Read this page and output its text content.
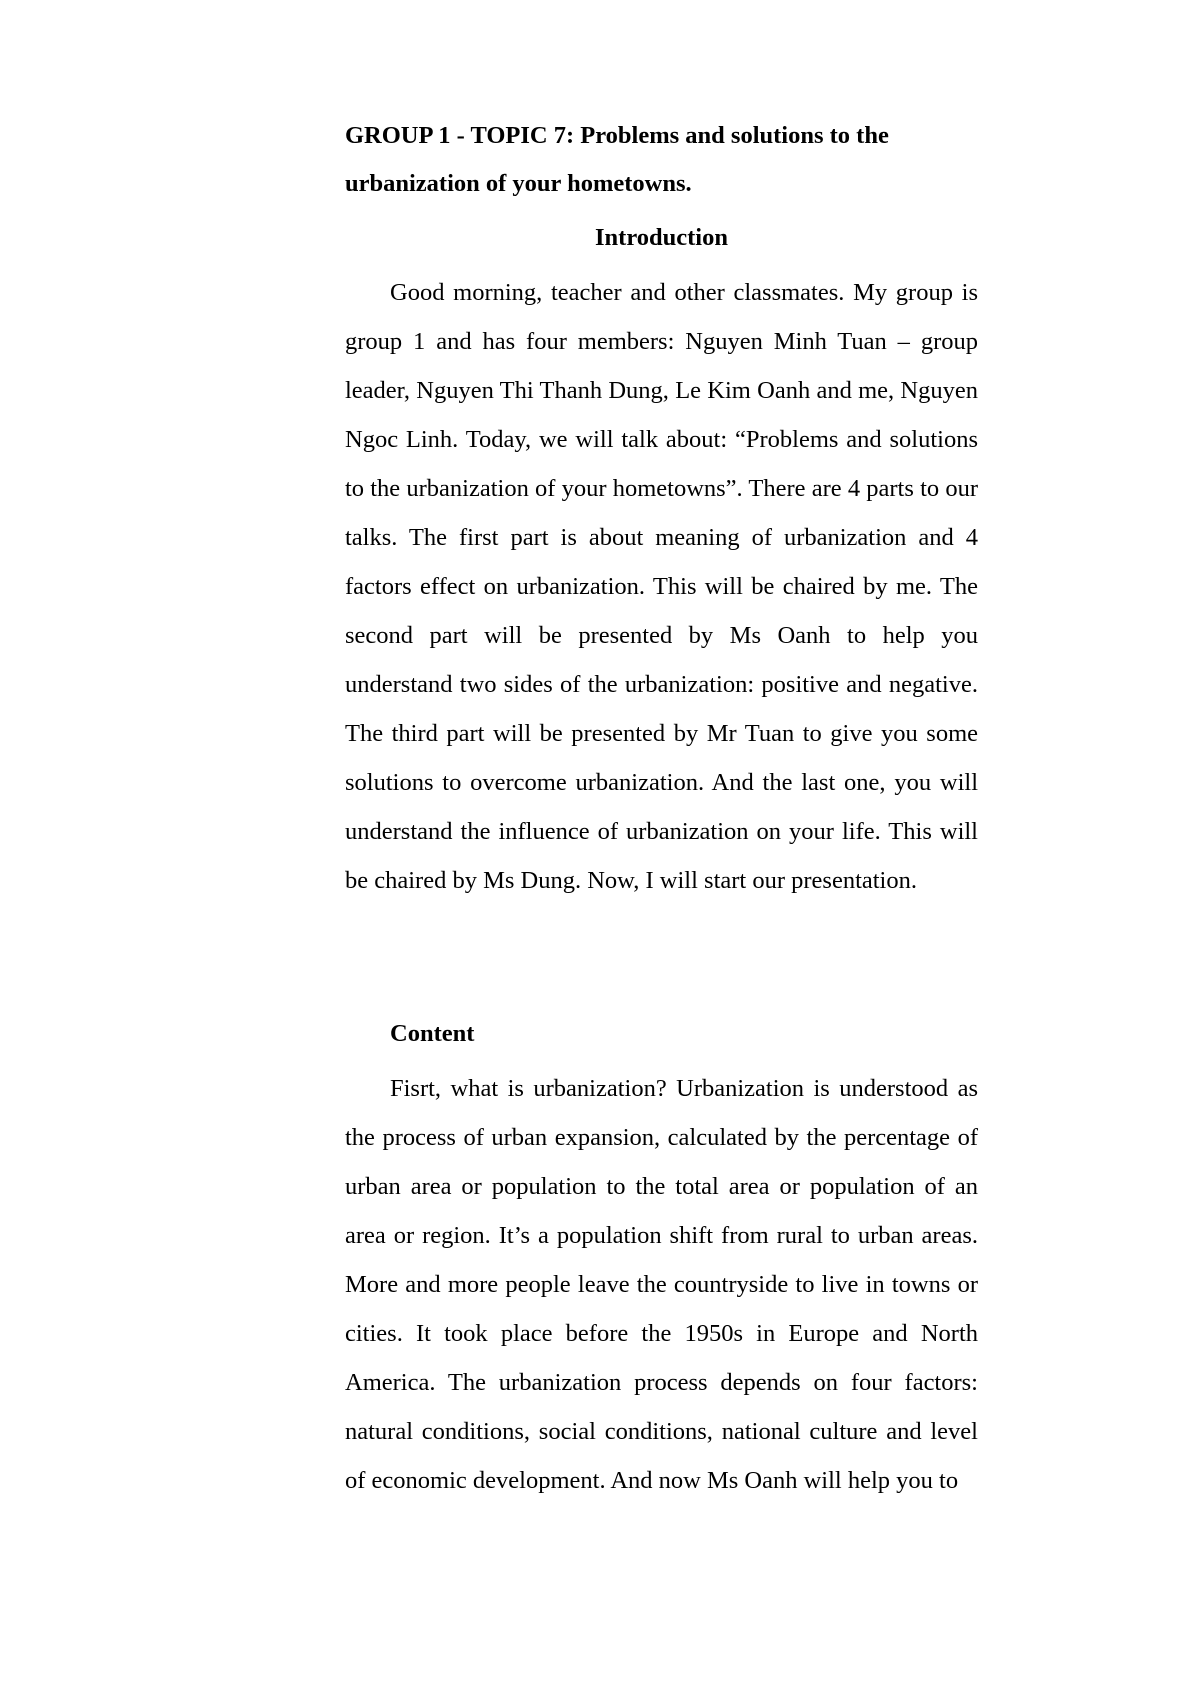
GROUP 1 - TOPIC 7: Problems and solutions to the urbanization of your hometowns.
Introduction
Good morning, teacher and other classmates. My group is group 1 and has four members: Nguyen Minh Tuan – group leader, Nguyen Thi Thanh Dung, Le Kim Oanh and me, Nguyen Ngoc Linh. Today, we will talk about: “Problems and solutions to the urbanization of your hometowns”. There are 4 parts to our talks. The first part is about meaning of urbanization and 4 factors effect on urbanization. This will be chaired by me. The second part will be presented by Ms Oanh to help you understand two sides of the urbanization: positive and negative. The third part will be presented by Mr Tuan to give you some solutions to overcome urbanization. And the last one, you will understand the influence of urbanization on your life. This will be chaired by Ms Dung. Now, I will start our presentation.
Content
Fisrt, what is urbanization? Urbanization is understood as the process of urban expansion, calculated by the percentage of urban area or population to the total area or population of an area or region. It’s a population shift from rural to urban areas. More and more people leave the countryside to live in towns or cities. It took place before the 1950s in Europe and North America. The urbanization process depends on four factors: natural conditions, social conditions, national culture and level of economic development. And now Ms Oanh will help you to
